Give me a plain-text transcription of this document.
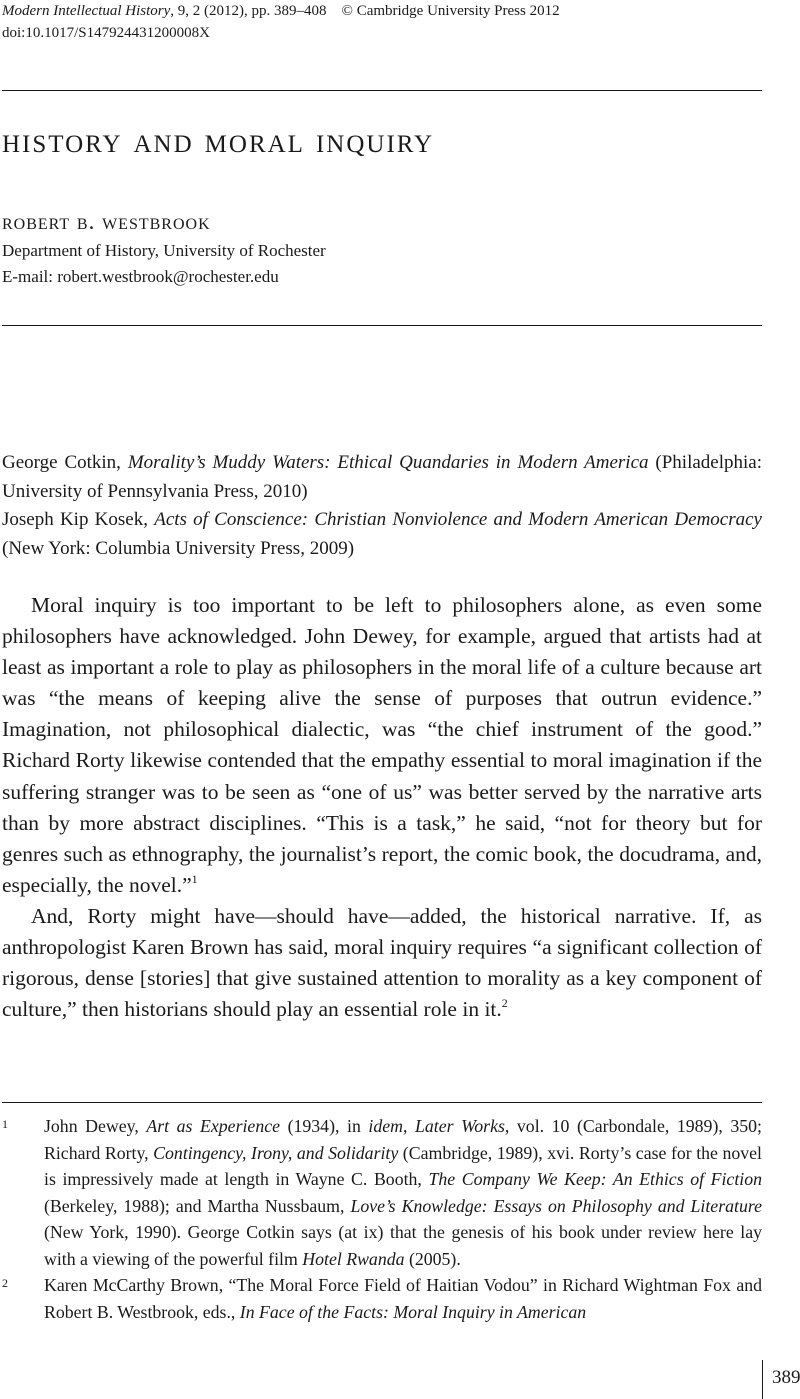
Modern Intellectual History, 9, 2 (2012), pp. 389–408 © Cambridge University Press 2012
doi:10.1017/S147924431200008X
history and moral inquiry
robert b. westbrook
Department of History, University of Rochester
E-mail: robert.westbrook@rochester.edu

George Cotkin, Morality’s Muddy Waters: Ethical Quandaries in Modern America (Philadelphia: University of Pennsylvania Press, 2010)

Joseph Kip Kosek, Acts of Conscience: Christian Nonviolence and Modern American Democracy (New York: Columbia University Press, 2009)

Moral inquiry is too important to be left to philosophers alone, as even some philosophers have acknowledged. John Dewey, for example, argued that artists had at least as important a role to play as philosophers in the moral life of a culture because art was “the means of keeping alive the sense of purposes that outrun evidence.” Imagination, not philosophical dialectic, was “the chief instrument of the good.” Richard Rorty likewise contended that the empathy essential to moral imagination if the suffering stranger was to be seen as “one of us” was better served by the narrative arts than by more abstract disciplines. “This is a task,” he said, “not for theory but for genres such as ethnography, the journalist’s report, the comic book, the docudrama, and, especially, the novel.”$^1$

And, Rorty might have—should have—added, the historical narrative. If, as anthropologist Karen Brown has said, moral inquiry requires “a significant collection of rigorous, dense [stories] that give sustained attention to morality as a key component of culture,” then historians should play an essential role in it.$^2$

1 John Dewey, Art as Experience (1934), in idem, Later Works, vol. 10 (Carbondale, 1989), 350; Richard Rorty, Contingency, Irony, and Solidarity (Cambridge, 1989), xvi. Rorty’s case for the novel is impressively made at length in Wayne C. Booth, The Company We Keep: An Ethics of Fiction (Berkeley, 1988); and Martha Nussbaum, Love’s Knowledge: Essays on Philosophy and Literature (New York, 1990). George Cotkin says (at ix) that the genesis of his book under review here lay with a viewing of the powerful film Hotel Rwanda (2005).
2 Karen McCarthy Brown, “The Moral Force Field of Haitian Vodou” in Richard Wightman Fox and Robert B. Westbrook, eds., In Face of the Facts: Moral Inquiry in American
389
